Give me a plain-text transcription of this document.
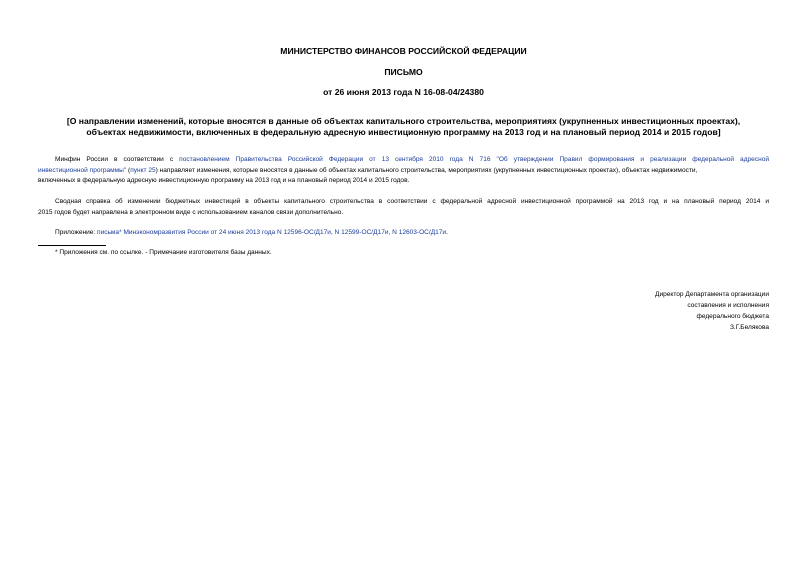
МИНИСТЕРСТВО ФИНАНСОВ РОССИЙСКОЙ ФЕДЕРАЦИИ
ПИСЬМО
от 26 июня 2013 года N 16-08-04/24380
[О направлении изменений, которые вносятся в данные об объектах капитального строительства, мероприятиях (укрупненных инвестиционных проектах),
объектах недвижимости, включенных в федеральную адресную инвестиционную программу на 2013 год и на плановый период 2014 и 2015 годов]
Минфин России в соответствии с постановлением Правительства Российской Федерации от 13 сентября 2010 года N 716 "Об утверждении Правил формирования и реализации федеральной адресной
инвестиционной программы" (пункт 25) направляет изменения, которые вносятся в данные об объектах капитального строительства, мероприятиях (укрупненных инвестиционных проектах), объектах недвижимости,
включенных в федеральную адресную инвестиционную программу на 2013 год и на плановый период 2014 и 2015 годов.
Сводная справка об изменении бюджетных инвестиций в объекты капитального строительства в соответствии с федеральной адресной инвестиционной программой на 2013 год и на плановый период 2014 и
2015 годов будет направлена в электронном виде с использованием каналов связи дополнительно.
Приложение: письма* Минэкономразвития России от 24 июня 2013 года N 12596-ОС/Д17и, N 12599-ОС/Д17и, N 12603-ОС/Д17и.
* Приложения см. по ссылке. - Примечание изготовителя базы данных.
Директор Департамента организации
составления и исполнения
федерального бюджета
З.Г.Белякова
